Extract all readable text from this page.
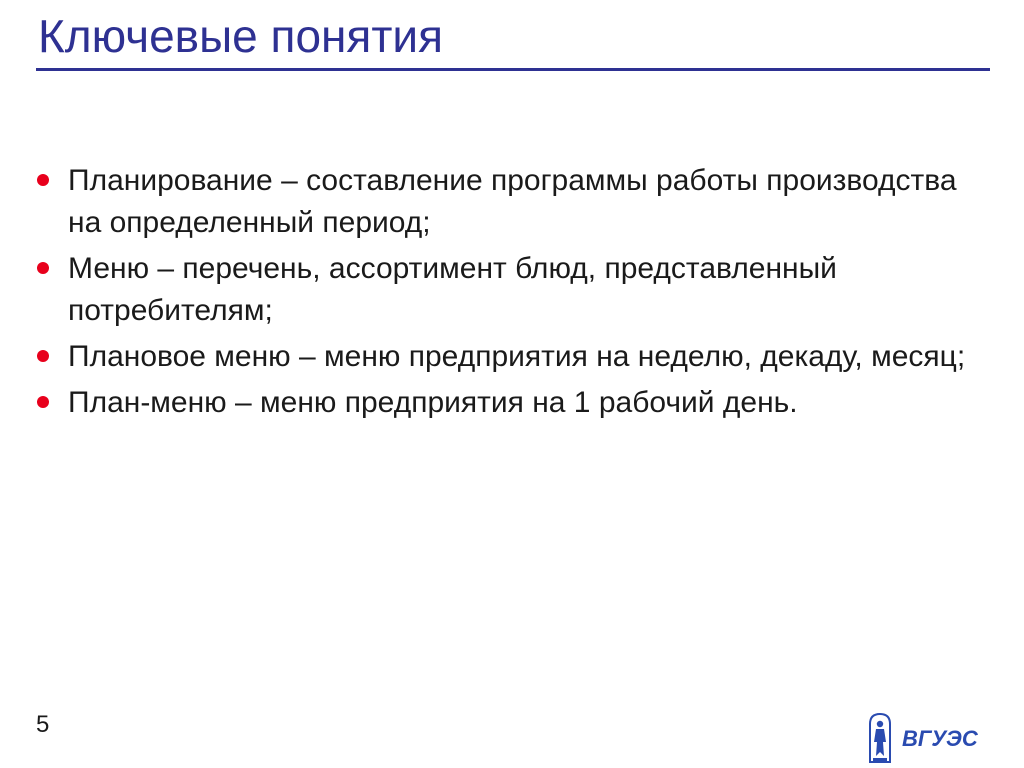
Ключевые понятия
Планирование – составление программы работы производства на определенный период;
Меню – перечень, ассортимент блюд, представленный потребителям;
Плановое меню – меню предприятия на неделю, декаду, месяц;
План-меню – меню предприятия на 1 рабочий день.
5
ВГУЭС
